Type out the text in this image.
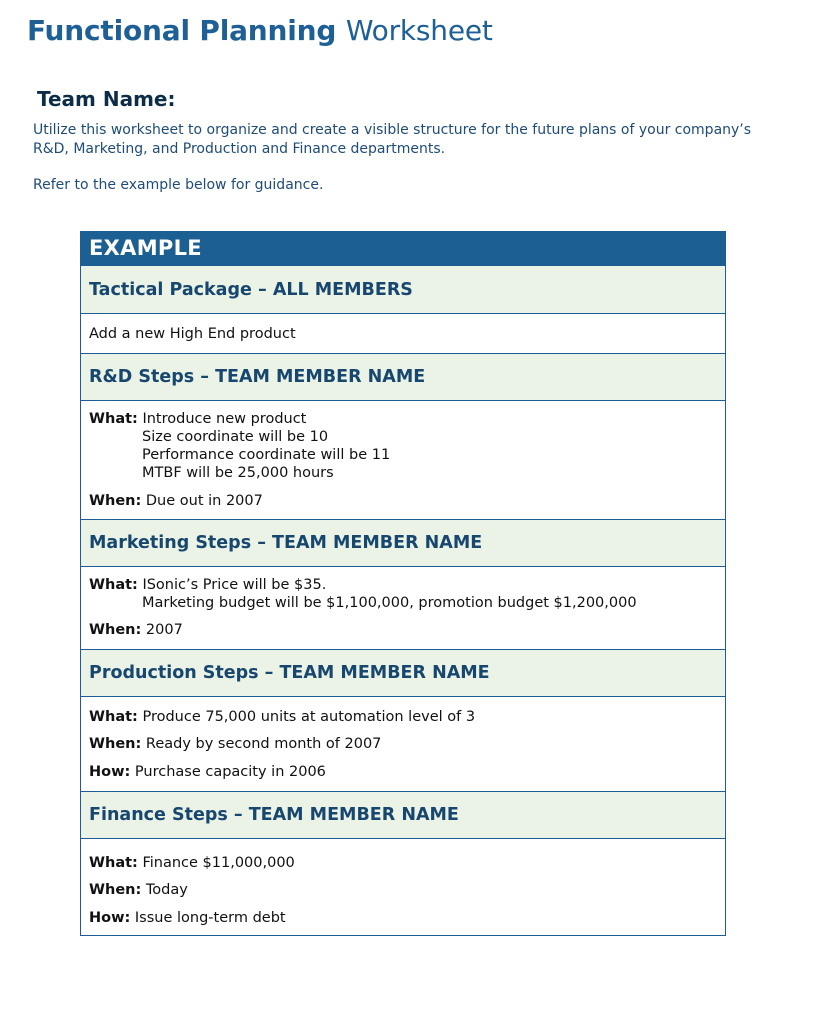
Functional Planning Worksheet
Team Name:

Utilize this worksheet to organize and create a visible structure for the future plans of your company’s R&D, Marketing, and Production and Finance departments.

Refer to the example below for guidance.

EXAMPLE
Tactical Package – ALL MEMBERS
Add a new High End product
R&D Steps – TEAM MEMBER NAME
What: Introduce new product
Size coordinate will be 10
Performance coordinate will be 11
MTBF will be 25,000 hours
When: Due out in 2007
Marketing Steps – TEAM MEMBER NAME
What: ISonic’s Price will be $35.
Marketing budget will be $1,100,000, promotion budget $1,200,000
When: 2007
Production Steps – TEAM MEMBER NAME
What: Produce 75,000 units at automation level of 3
When: Ready by second month of 2007
How: Purchase capacity in 2006
Finance Steps – TEAM MEMBER NAME
What: Finance $11,000,000
When: Today
How: Issue long-term debt
